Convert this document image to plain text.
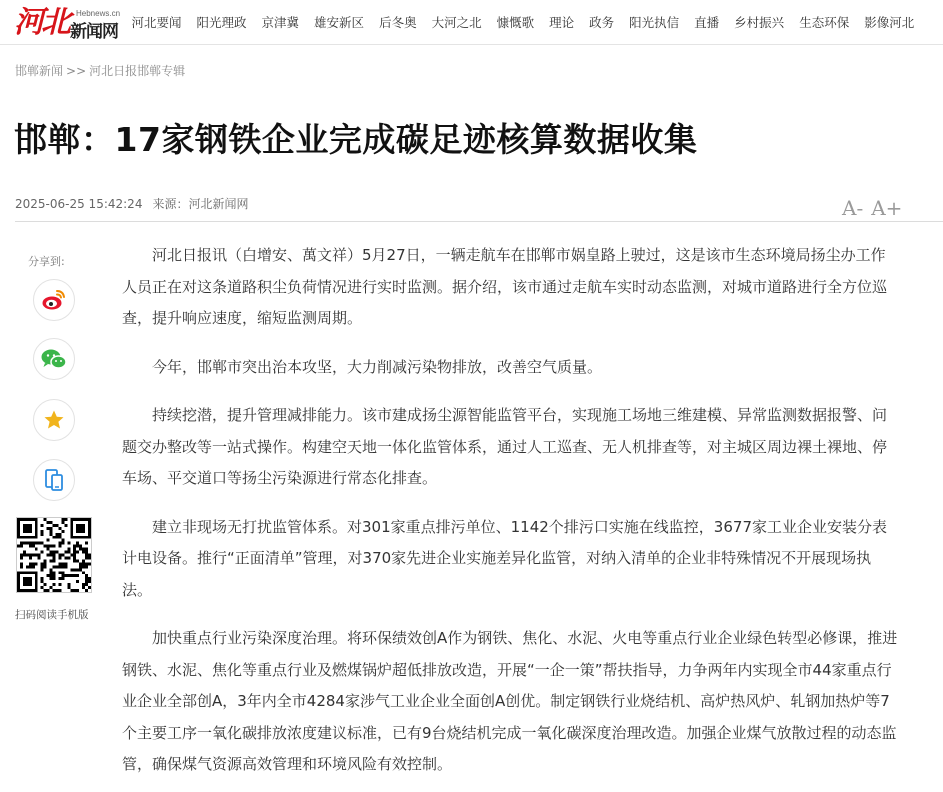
河北 Hebnews.cn
新闻网 河北要闻 阳光理政 京津冀 雄安新区 后冬奥 大河之北 慷慨歌 理论 政务 阳光执信 直播 乡村振兴 生态环保 影像河北
邯郸新闻 >> 河北日报邯郸专辑
邯郸：17家钢铁企业完成碳足迹核算数据收集
2025-06-25 15:42:24 来源：河北新闻网	A- A+
分享到:
扫码阅读手机版

河北日报讯（白增安、萬文祥）5月27日，一辆走航车在邯郸市娲皇路上驶过，这是该市生态环境局扬尘办工作人员正在对这条道路积尘负荷情况进行实时监测。据介绍，该市通过走航车实时动态监测，对城市道路进行全方位巡查，提升响应速度，缩短监测周期。

今年，邯郸市突出治本攻坚，大力削减污染物排放，改善空气质量。

持续挖潜，提升管理减排能力。该市建成扬尘源智能监管平台，实现施工场地三维建模、异常监测数据报警、问题交办整改等一站式操作。构建空天地一体化监管体系，通过人工巡查、无人机排查等，对主城区周边裸土裸地、停车场、平交道口等扬尘污染源进行常态化排查。

建立非现场无打扰监管体系。对301家重点排污单位、1142个排污口实施在线监控，3677家工业企业安装分表计电设备。推行“正面清单”管理，对370家先进企业实施差异化监管，对纳入清单的企业非特殊情况不开展现场执法。

加快重点行业污染深度治理。将环保绩效创A作为钢铁、焦化、水泥、火电等重点行业企业绿色转型必修课，推进钢铁、水泥、焦化等重点行业及燃煤锅炉超低排放改造，开展“一企一策”帮扶指导，力争两年内实现全市44家重点行业企业全部创A，3年内全市4284家涉气工业企业全面创A创优。制定钢铁行业烧结机、高炉热风炉、轧钢加热炉等7个主要工序一氧化碳排放浓度建议标准，已有9台烧结机完成一氧化碳深度治理改造。加强企业煤气放散过程的动态监管，确保煤气资源高效管理和环境风险有效控制。
